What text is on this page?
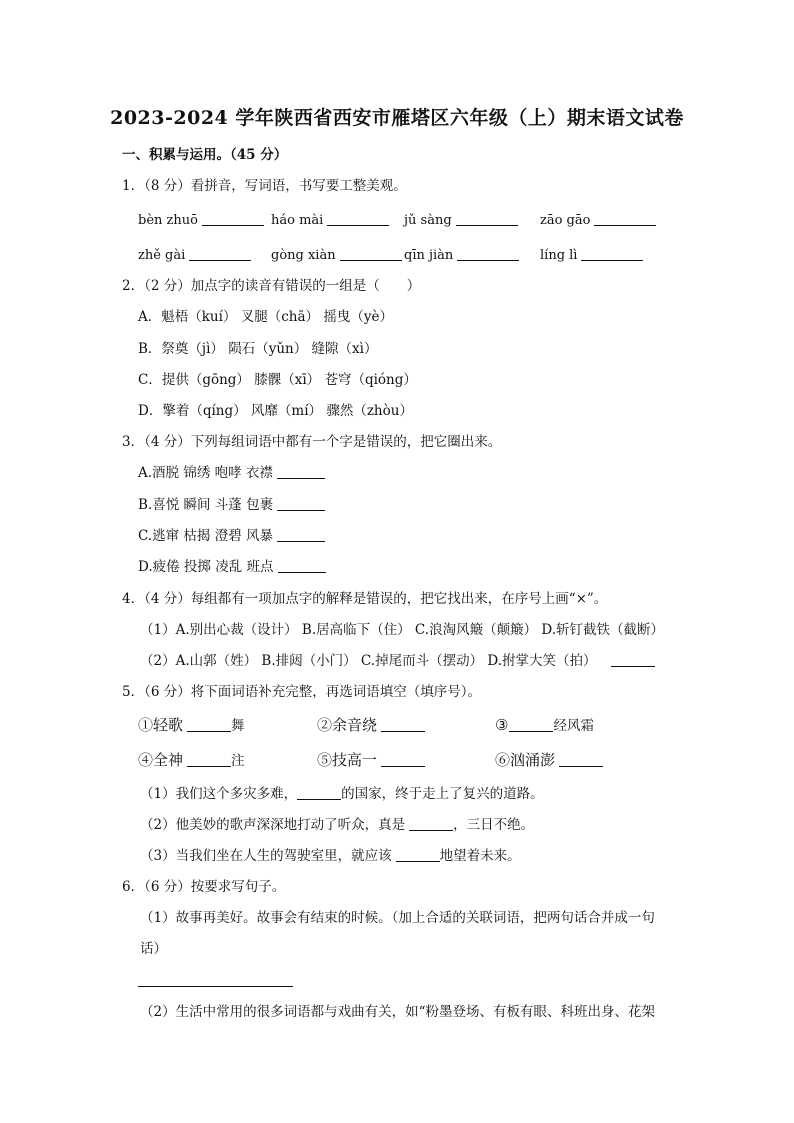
2023-2024 学年陕西省西安市雁塔区六年级（上）期末语文试卷
一、积累与运用。（45 分）
1．（8 分）看拼音，写词语，书写要工整美观。
bèn zhuō	háo mài	jǔ sàng	zāo gāo
zhě gài	gòng xiàn	qīn jiàn	líng lì
2．（2 分）加点字的读音有错误的一组是（　　）
A．魁梧（kuí） 叉腿（chā） 摇曳（yè）
B．祭奠（jì） 陨石（yǔn） 缝隙（xì）
C．提供（gōng） 膝髁（xī） 苍穹（qióng）
D．擎着（qíng） 风靡（mí） 骤然（zhòu）
3．（4 分）下列每组词语中都有一个字是错误的，把它圈出来。
A.酒脱 锦绣 咆哮 衣襟
B.喜悦 瞬间 斗蓬 包裹
C.逃窜 枯揭 澄碧 风暴
D.疲倦 投掷 凌乱 班点
4．（4 分）每组都有一项加点字的解释是错误的，把它找出来，在序号上画“×”。
（1）A.别出心裁（设计） B.居高临下（住） C.浪淘风簸（颠簸） D.斩钉截铁（截断）
（2）A.山郭（姓） B.排闼（小门） C.掉尾而斗（摆动） D.拊掌大笑（拍）
5．（6 分）将下面词语补充完整，再选词语填空（填序号）。
①轻歌	舞	②余音绕	③	经风霜
④全神	注	⑤技高一	⑥汹涌澎
（1）我们这个多灾多难，	的国家，终于走上了复兴的道路。
（2）他美妙的歌声深深地打动了听众，真是	，三日不绝。
（3）当我们坐在人生的驾驶室里，就应该	地望着未来。
6．（6 分）按要求写句子。
（1）故事再美好。故事会有结束的时候。（加上合适的关联词语，把两句话合并成一句
话）
（2）生活中常用的很多词语都与戏曲有关，如“粉墨登场、有板有眼、科班出身、花架
